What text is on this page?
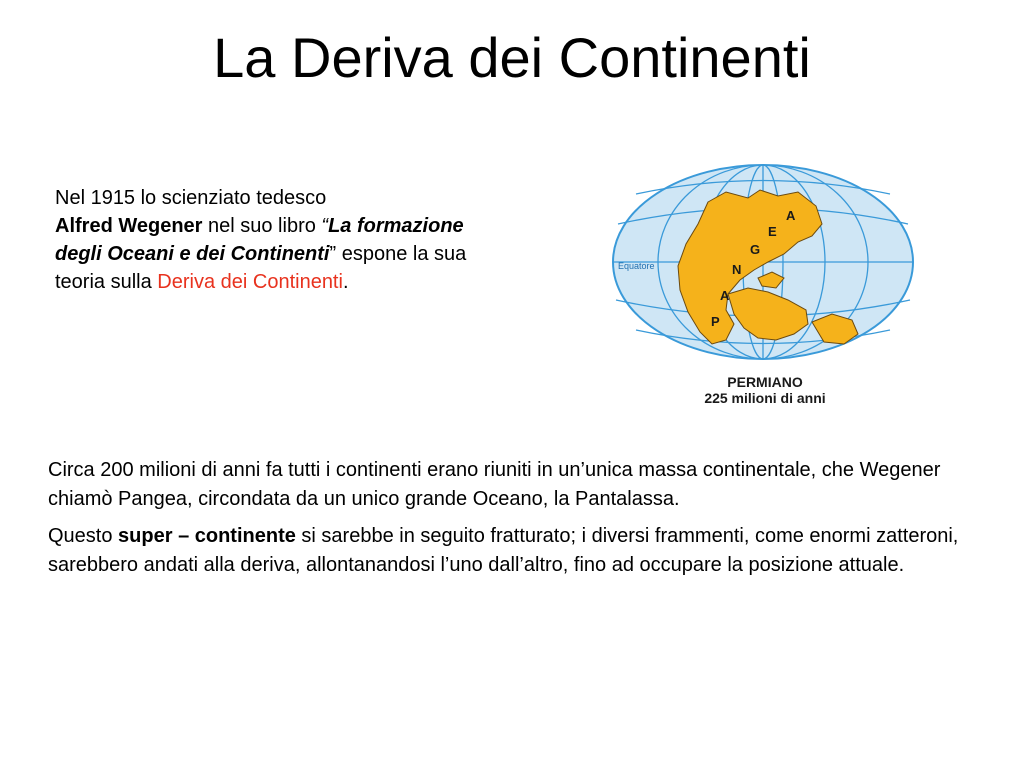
La Deriva dei Continenti
Nel 1915 lo scienziato tedesco
Alfred Wegener nel suo libro “La formazione degli Oceani e dei Continenti” espone la sua teoria sulla Deriva dei Continenti.
P
A
N
G
E
A
Equatore
PERMIANO
225 milioni di anni

Circa 200 milioni di anni fa tutti i continenti erano riuniti in un’unica massa continentale, che Wegener chiamò Pangea, circondata da un unico grande Oceano, la Pantalassa.

Questo super – continente si sarebbe in seguito fratturato; i diversi frammenti, come enormi zatteroni, sarebbero andati alla deriva, allontanandosi l’uno dall’altro, fino ad occupare la posizione attuale.
